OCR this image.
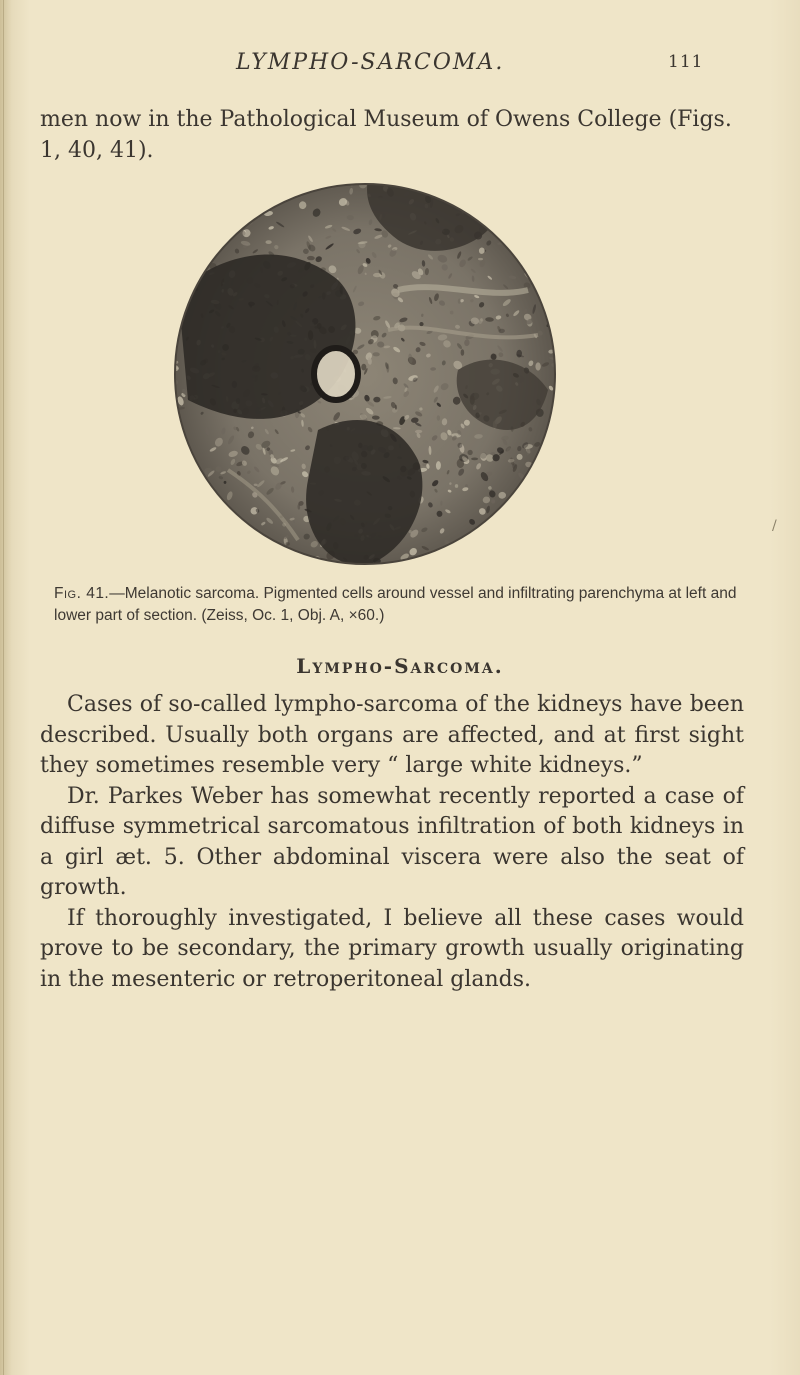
LYMPHO-SARCOMA.	111

men now in the Pathological Museum of Owens College (Figs. 1, 40, 41).

Fig. 41.—Melanotic sarcoma. Pigmented cells around vessel and infiltrating parenchyma at left and lower part of section. (Zeiss, Oc. 1, Obj. A, ×60.)

Lympho-Sarcoma.

Cases of so-called lympho-sarcoma of the kidneys have been described. Usually both organs are affected, and at first sight they sometimes resemble very “ large white kidneys.”

Dr. Parkes Weber has somewhat recently reported a case of diffuse symmetrical sarcomatous infiltration of both kidneys in a girl æt. 5. Other abdominal viscera were also the seat of growth.

If thoroughly investigated, I believe all these cases would prove to be secondary, the primary growth usually originating in the mesenteric or retroperitoneal glands.

/
